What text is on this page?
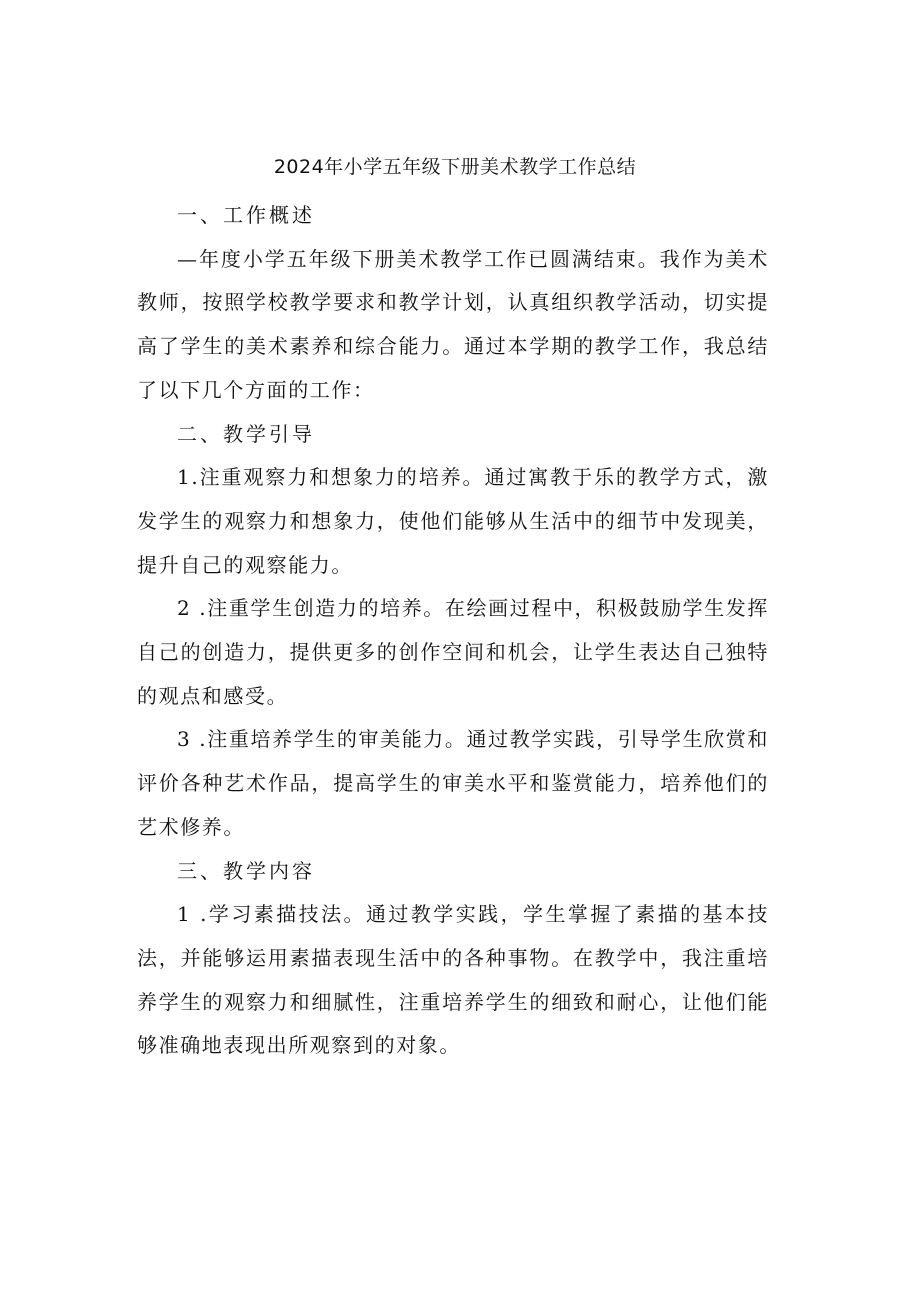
2024年小学五年级下册美术教学工作总结
一、工作概述

—年度小学五年级下册美术教学工作已圆满结束。我作为美术教师，按照学校教学要求和教学计划，认真组织教学活动，切实提高了学生的美术素养和综合能力。通过本学期的教学工作，我总结了以下几个方面的工作：

二、教学引导

1.注重观察力和想象力的培养。通过寓教于乐的教学方式，激发学生的观察力和想象力，使他们能够从生活中的细节中发现美，提升自己的观察能力。

2 .注重学生创造力的培养。在绘画过程中，积极鼓励学生发挥自己的创造力，提供更多的创作空间和机会，让学生表达自己独特的观点和感受。

3 .注重培养学生的审美能力。通过教学实践，引导学生欣赏和评价各种艺术作品，提高学生的审美水平和鉴赏能力，培养他们的艺术修养。

三、教学内容

1 .学习素描技法。通过教学实践，学生掌握了素描的基本技法，并能够运用素描表现生活中的各种事物。在教学中，我注重培养学生的观察力和细腻性，注重培养学生的细致和耐心，让他们能够准确地表现出所观察到的对象。
